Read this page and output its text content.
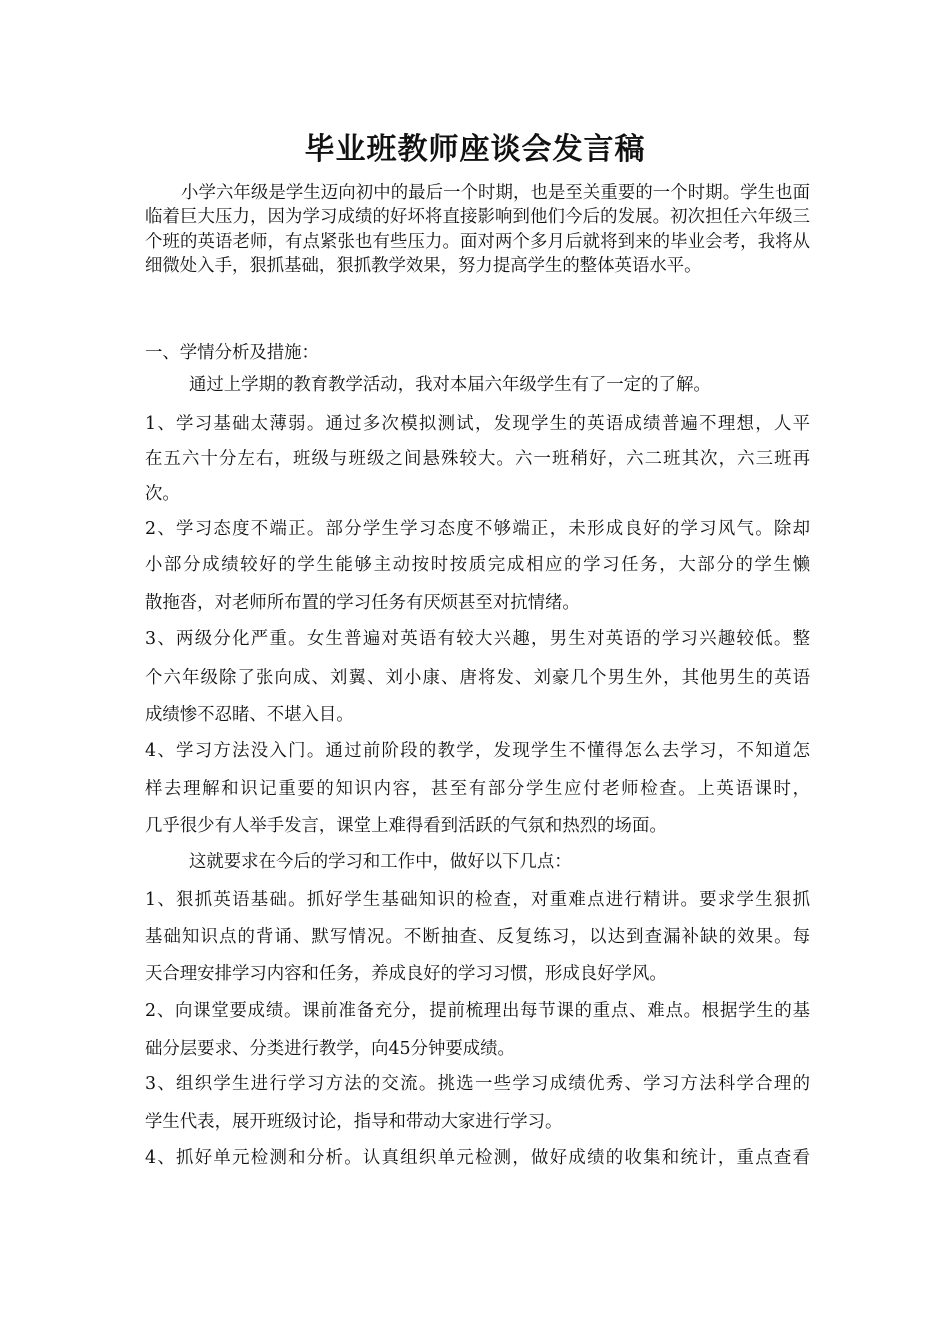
毕业班教师座谈会发言稿

小学六年级是学生迈向初中的最后一个时期，也是至关重要的一个时期。学生也面临着巨大压力，因为学习成绩的好坏将直接影响到他们今后的发展。初次担任六年级三个班的英语老师，有点紧张也有些压力。面对两个多月后就将到来的毕业会考，我将从细微处入手，狠抓基础，狠抓教学效果，努力提高学生的整体英语水平。

一、学情分析及措施：
通过上学期的教育教学活动，我对本届六年级学生有了一定的了解。
1、学习基础太薄弱。通过多次模拟测试，发现学生的英语成绩普遍不理想，人平
在五六十分左右，班级与班级之间悬殊较大。六一班稍好，六二班其次，六三班再
次。
2、学习态度不端正。部分学生学习态度不够端正，未形成良好的学习风气。除却
小部分成绩较好的学生能够主动按时按质完成相应的学习任务，大部分的学生懒
散拖沓，对老师所布置的学习任务有厌烦甚至对抗情绪。
3、两级分化严重。女生普遍对英语有较大兴趣，男生对英语的学习兴趣较低。整
个六年级除了张向成、刘翼、刘小康、唐将发、刘豪几个男生外，其他男生的英语
成绩惨不忍睹、不堪入目。
4、学习方法没入门。通过前阶段的教学，发现学生不懂得怎么去学习，不知道怎
样去理解和识记重要的知识内容，甚至有部分学生应付老师检查。上英语课时，
几乎很少有人举手发言，课堂上难得看到活跃的气氛和热烈的场面。
这就要求在今后的学习和工作中，做好以下几点：
1、狠抓英语基础。抓好学生基础知识的检查，对重难点进行精讲。要求学生狠抓
基础知识点的背诵、默写情况。不断抽查、反复练习，以达到查漏补缺的效果。每
天合理安排学习内容和任务，养成良好的学习习惯，形成良好学风。
2、向课堂要成绩。课前准备充分，提前梳理出每节课的重点、难点。根据学生的基
础分层要求、分类进行教学，向45分钟要成绩。
3、组织学生进行学习方法的交流。挑选一些学习成绩优秀、学习方法科学合理的
学生代表，展开班级讨论，指导和带动大家进行学习。
4、抓好单元检测和分析。认真组织单元检测，做好成绩的收集和统计，重点查看
